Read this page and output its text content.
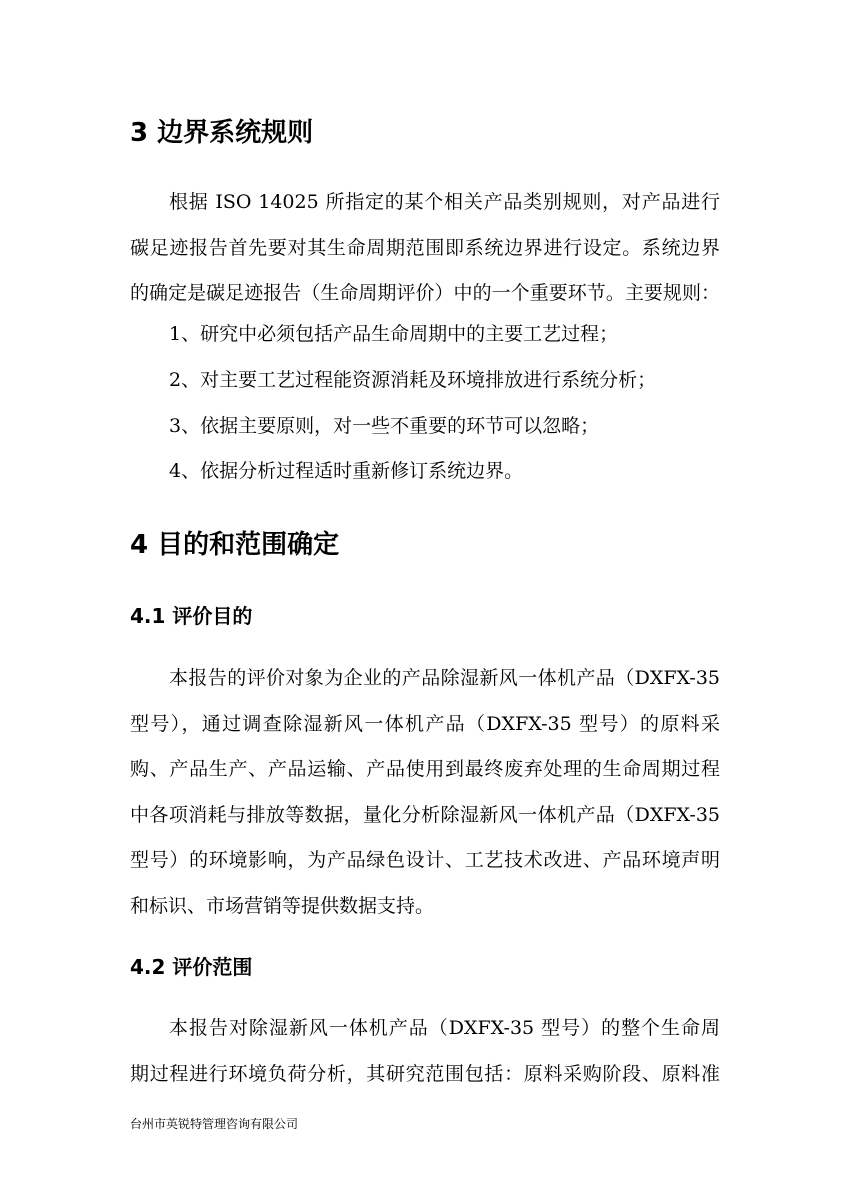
3 边界系统规则
根据 ISO 14025 所指定的某个相关产品类别规则，对产品进行
碳足迹报告首先要对其生命周期范围即系统边界进行设定。系统边界
的确定是碳足迹报告（生命周期评价）中的一个重要环节。主要规则：
1、研究中必须包括产品生命周期中的主要工艺过程；
2、对主要工艺过程能资源消耗及环境排放进行系统分析；
3、依据主要原则，对一些不重要的环节可以忽略；
4、依据分析过程适时重新修订系统边界。
4 目的和范围确定
4.1 评价目的
本报告的评价对象为企业的产品除湿新风一体机产品（DXFX-35
型号），通过调查除湿新风一体机产品（DXFX-35 型号）的原料采
购、产品生产、产品运输、产品使用到最终废弃处理的生命周期过程
中各项消耗与排放等数据，量化分析除湿新风一体机产品（DXFX-35
型号）的环境影响，为产品绿色设计、工艺技术改进、产品环境声明
和标识、市场营销等提供数据支持。
4.2 评价范围
本报告对除湿新风一体机产品（DXFX-35 型号）的整个生命周
期过程进行环境负荷分析，其研究范围包括：原料采购阶段、原料准
台州市英锐特管理咨询有限公司
